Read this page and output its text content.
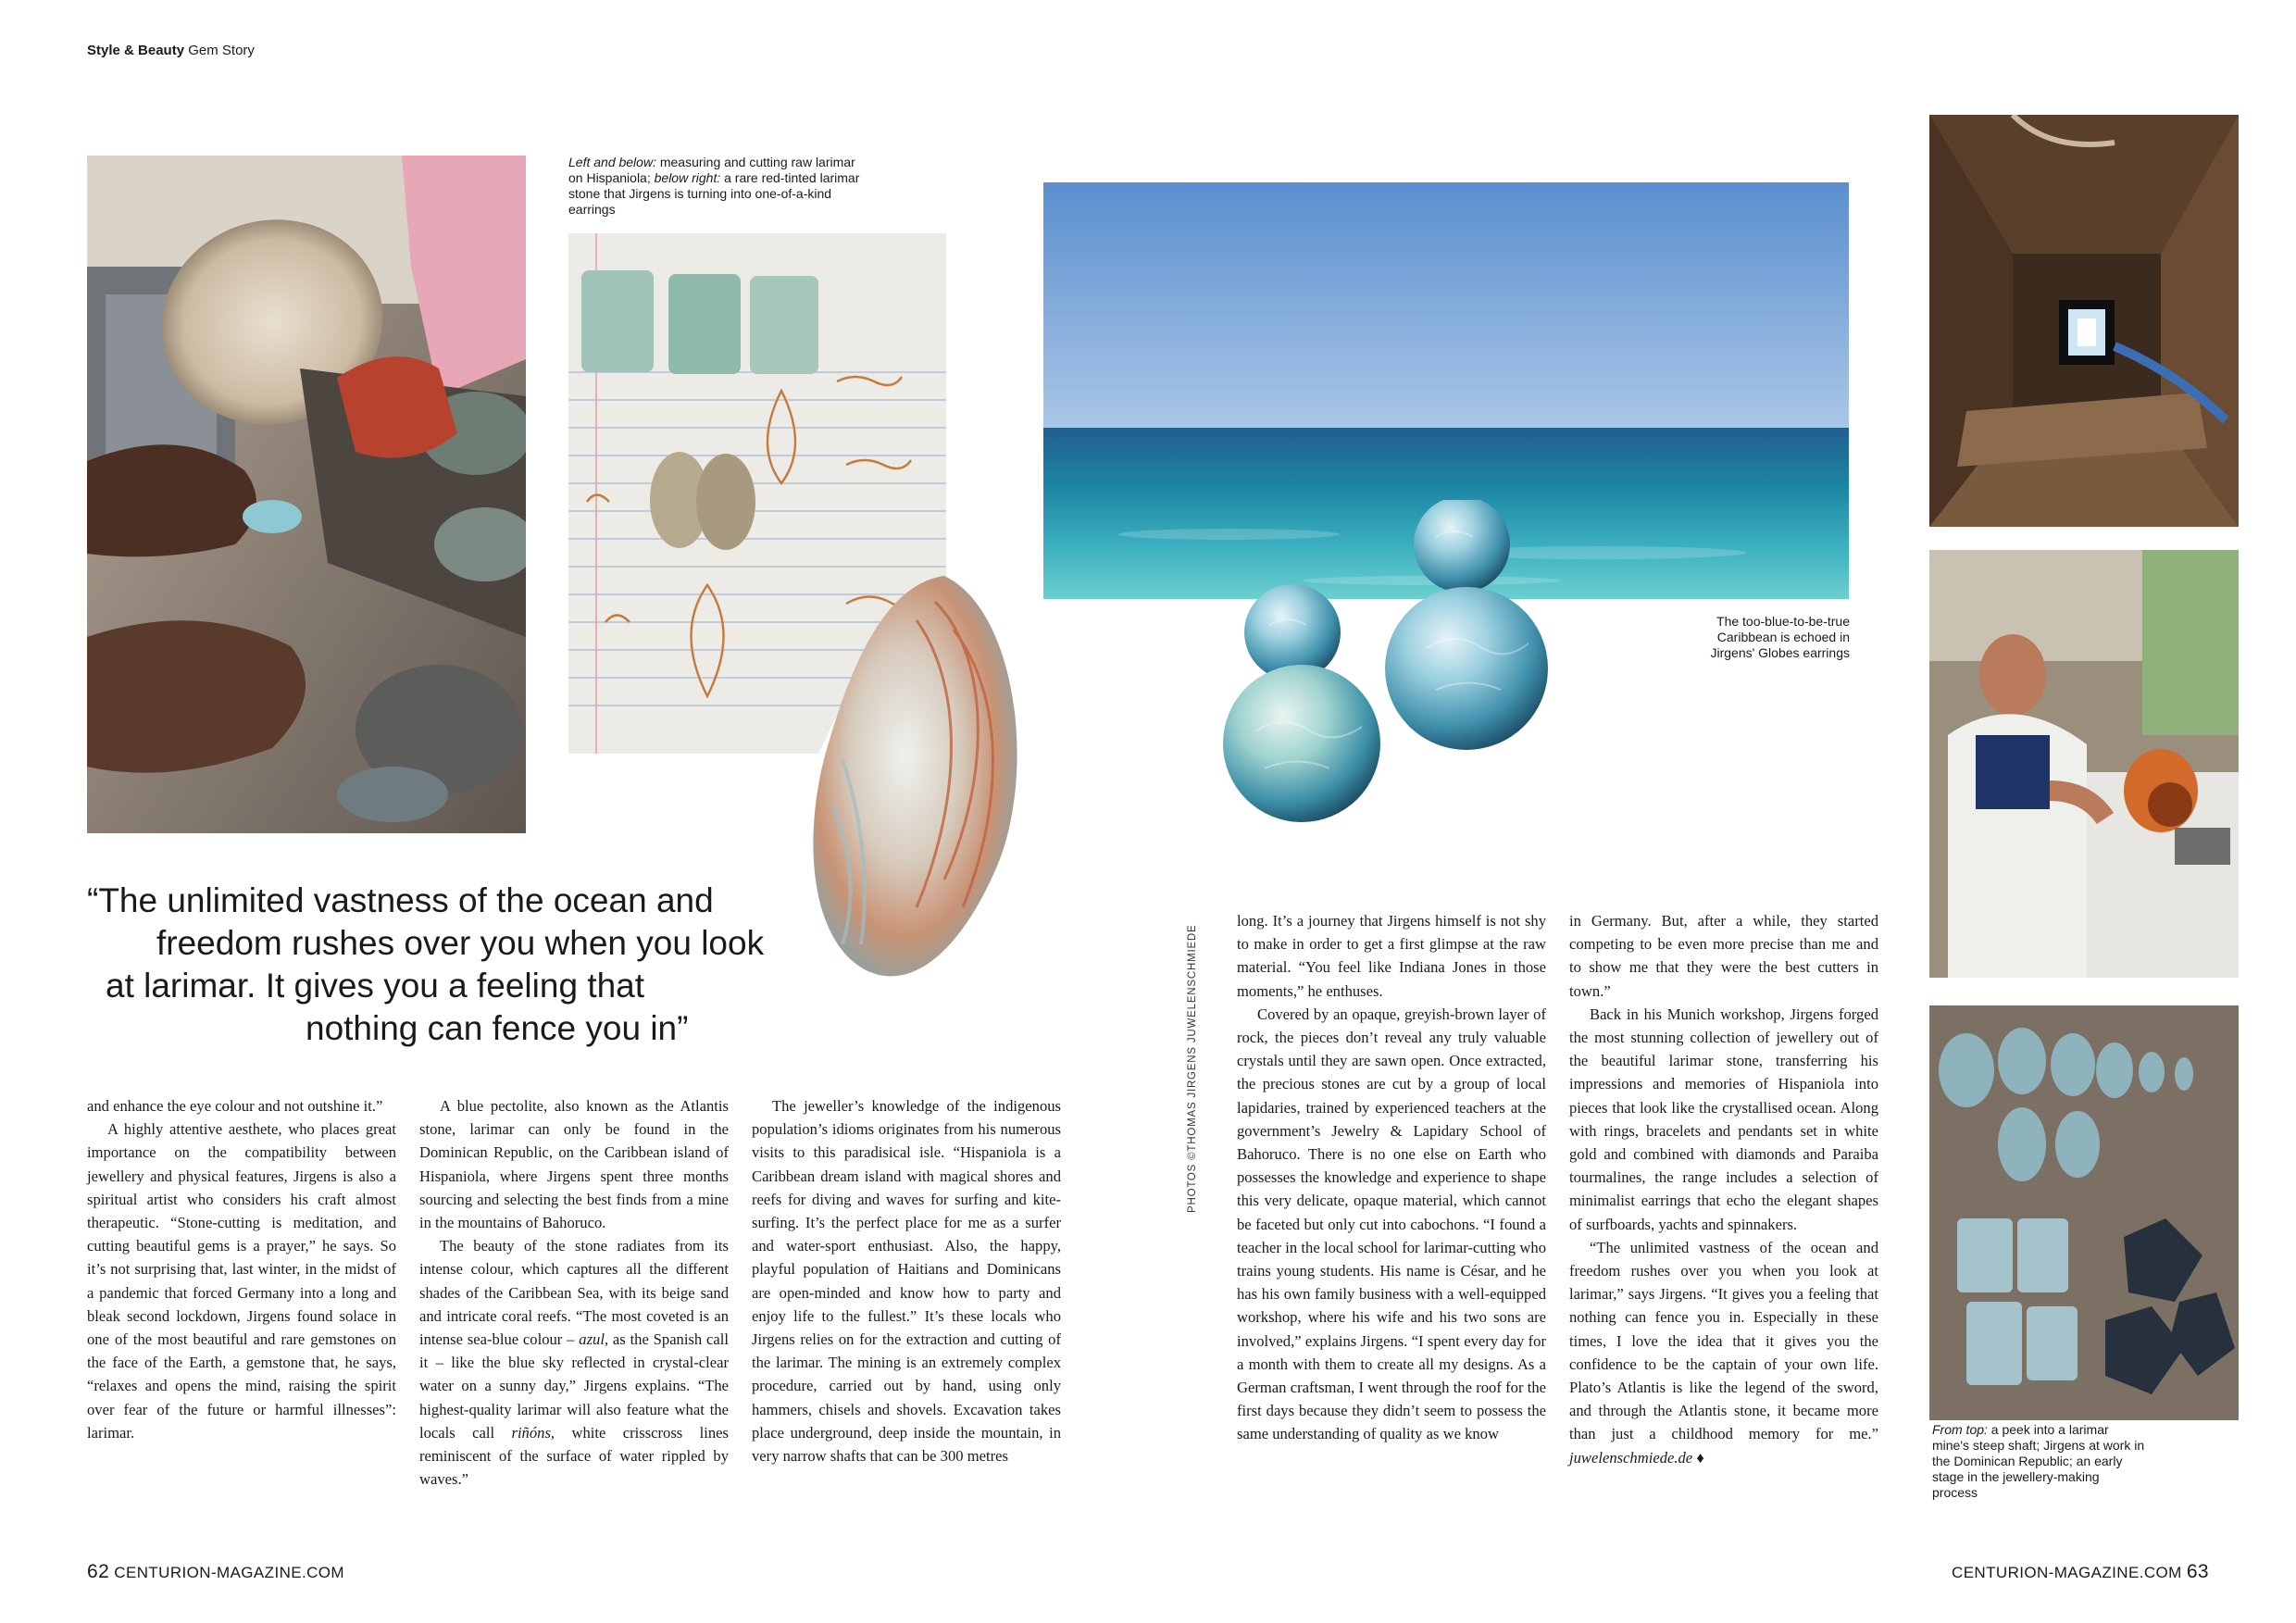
Style & Beauty Gem Story
Left and below: measuring and cutting raw larimar on Hispaniola; below right: a rare red-tinted larimar stone that Jirgens is turning into one-of-a-kind earrings
The too-blue-to-be-true Caribbean is echoed in Jirgens' Globes earrings
From top: a peek into a larimar mine's steep shaft; Jirgens at work in the Dominican Republic; an early stage in the jewellery-making process
“The unlimited vastness of the ocean and
freedom rushes over you when you look
at larimar. It gives you a feeling that
nothing can fence you in”

and enhance the eye colour and not outshine it.”

A highly attentive aesthete, who places great importance on the compatibility between jewellery and physical features, Jirgens is also a spiritual artist who considers his craft almost therapeutic. “Stone-cutting is meditation, and cutting beautiful gems is a prayer,” he says. So it’s not surprising that, last winter, in the midst of a pandemic that forced Germany into a long and bleak second lockdown, Jirgens found solace in one of the most beautiful and rare gemstones on the face of the Earth, a gemstone that, he says, “relaxes and opens the mind, raising the spirit over fear of the future or harmful illnesses”: larimar.

A blue pectolite, also known as the Atlantis stone, larimar can only be found in the Dominican Republic, on the Caribbean island of Hispaniola, where Jirgens spent three months sourcing and selecting the best finds from a mine in the mountains of Bahoruco.

The beauty of the stone radiates from its intense colour, which captures all the different shades of the Caribbean Sea, with its beige sand and intricate coral reefs. “The most coveted is an intense sea-blue colour – azul, as the Spanish call it – like the blue sky reflected in crystal-clear water on a sunny day,” Jirgens explains. “The highest-quality larimar will also feature what the locals call riñóns, white crisscross lines reminiscent of the surface of water rippled by waves.”

The jeweller’s knowledge of the indigenous population’s idioms originates from his numerous visits to this paradisical isle. “Hispaniola is a Caribbean dream island with magical shores and reefs for diving and waves for surfing and kite-surfing. It’s the perfect place for me as a surfer and water-sport enthusiast. Also, the happy, playful population of Haitians and Dominicans are open-minded and know how to party and enjoy life to the fullest.” It’s these locals who Jirgens relies on for the extraction and cutting of the larimar. The mining is an extremely complex procedure, carried out by hand, using only hammers, chisels and shovels. Excavation takes place underground, deep inside the mountain, in very narrow shafts that can be 300 metres

PHOTOS ©THOMAS JIRGENS JUWELENSCHMIEDE

long. It’s a journey that Jirgens himself is not shy to make in order to get a first glimpse at the raw material. “You feel like Indiana Jones in those moments,” he enthuses.

Covered by an opaque, greyish-brown layer of rock, the pieces don’t reveal any truly valuable crystals until they are sawn open. Once extracted, the precious stones are cut by a group of local lapidaries, trained by experienced teachers at the government’s Jewelry & Lapidary School of Bahoruco. There is no one else on Earth who possesses the knowledge and experience to shape this very delicate, opaque material, which cannot be faceted but only cut into cabochons. “I found a teacher in the local school for larimar-cutting who trains young students. His name is César, and he has his own family business with a well-equipped workshop, where his wife and his two sons are involved,” explains Jirgens. “I spent every day for a month with them to create all my designs. As a German craftsman, I went through the roof for the first days because they didn’t seem to possess the same understanding of quality as we know

in Germany. But, after a while, they started competing to be even more precise than me and to show me that they were the best cutters in town.”

Back in his Munich workshop, Jirgens forged the most stunning collection of jewellery out of the beautiful larimar stone, transferring his impressions and memories of Hispaniola into pieces that look like the crystallised ocean. Along with rings, bracelets and pendants set in white gold and combined with diamonds and Paraiba tourmalines, the range includes a selection of minimalist earrings that echo the elegant shapes of surfboards, yachts and spinnakers.

“The unlimited vastness of the ocean and freedom rushes over you when you look at larimar,” says Jirgens. “It gives you a feeling that nothing can fence you in. Especially in these times, I love the idea that it gives you the confidence to be the captain of your own life. Plato’s Atlantis is like the legend of the sword, and through the Atlantis stone, it became more than just a childhood memory for me.” juwelenschmiede.de ♦

62 CENTURION-MAGAZINE.COM	CENTURION-MAGAZINE.COM 63
